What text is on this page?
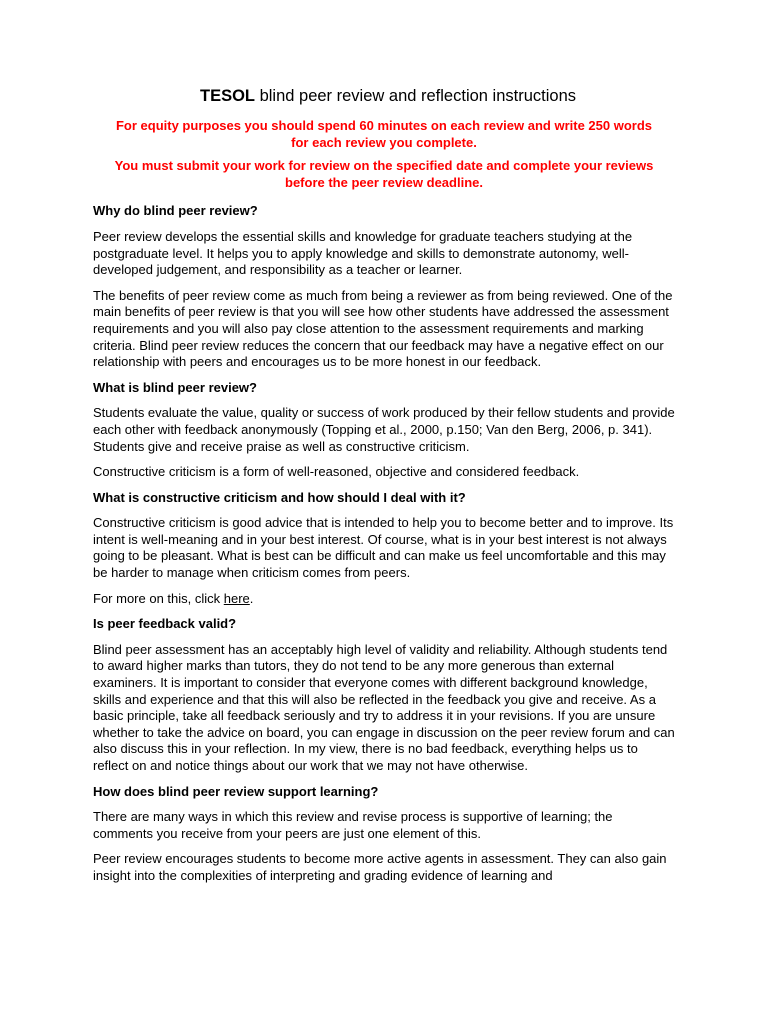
TESOL blind peer review and reflection instructions

For equity purposes you should spend 60 minutes on each review and write 250 words for each review you complete.

You must submit your work for review on the specified date and complete your reviews before the peer review deadline.

Why do blind peer review?

Peer review develops the essential skills and knowledge for graduate teachers studying at the postgraduate level. It helps you to apply knowledge and skills to demonstrate autonomy, well-developed judgement, and responsibility as a teacher or learner.

The benefits of peer review come as much from being a reviewer as from being reviewed. One of the main benefits of peer review is that you will see how other students have addressed the assessment requirements and you will also pay close attention to the assessment requirements and marking criteria. Blind peer review reduces the concern that our feedback may have a negative effect on our relationship with peers and encourages us to be more honest in our feedback.

What is blind peer review?

Students evaluate the value, quality or success of work produced by their fellow students and provide each other with feedback anonymously (Topping et al., 2000, p.150; Van den Berg, 2006, p. 341). Students give and receive praise as well as constructive criticism.

Constructive criticism is a form of well-reasoned, objective and considered feedback.

What is constructive criticism and how should I deal with it?

Constructive criticism is good advice that is intended to help you to become better and to improve. Its intent is well-meaning and in your best interest. Of course, what is in your best interest is not always going to be pleasant. What is best can be difficult and can make us feel uncomfortable and this may be harder to manage when criticism comes from peers.

For more on this, click here.

Is peer feedback valid?

Blind peer assessment has an acceptably high level of validity and reliability. Although students tend to award higher marks than tutors, they do not tend to be any more generous than external examiners. It is important to consider that everyone comes with different background knowledge, skills and experience and that this will also be reflected in the feedback you give and receive. As a basic principle, take all feedback seriously and try to address it in your revisions. If you are unsure whether to take the advice on board, you can engage in discussion on the peer review forum and can also discuss this in your reflection. In my view, there is no bad feedback, everything helps us to reflect on and notice things about our work that we may not have otherwise.

How does blind peer review support learning?

There are many ways in which this review and revise process is supportive of learning; the comments you receive from your peers are just one element of this.

Peer review encourages students to become more active agents in assessment. They can also gain insight into the complexities of interpreting and grading evidence of learning and
